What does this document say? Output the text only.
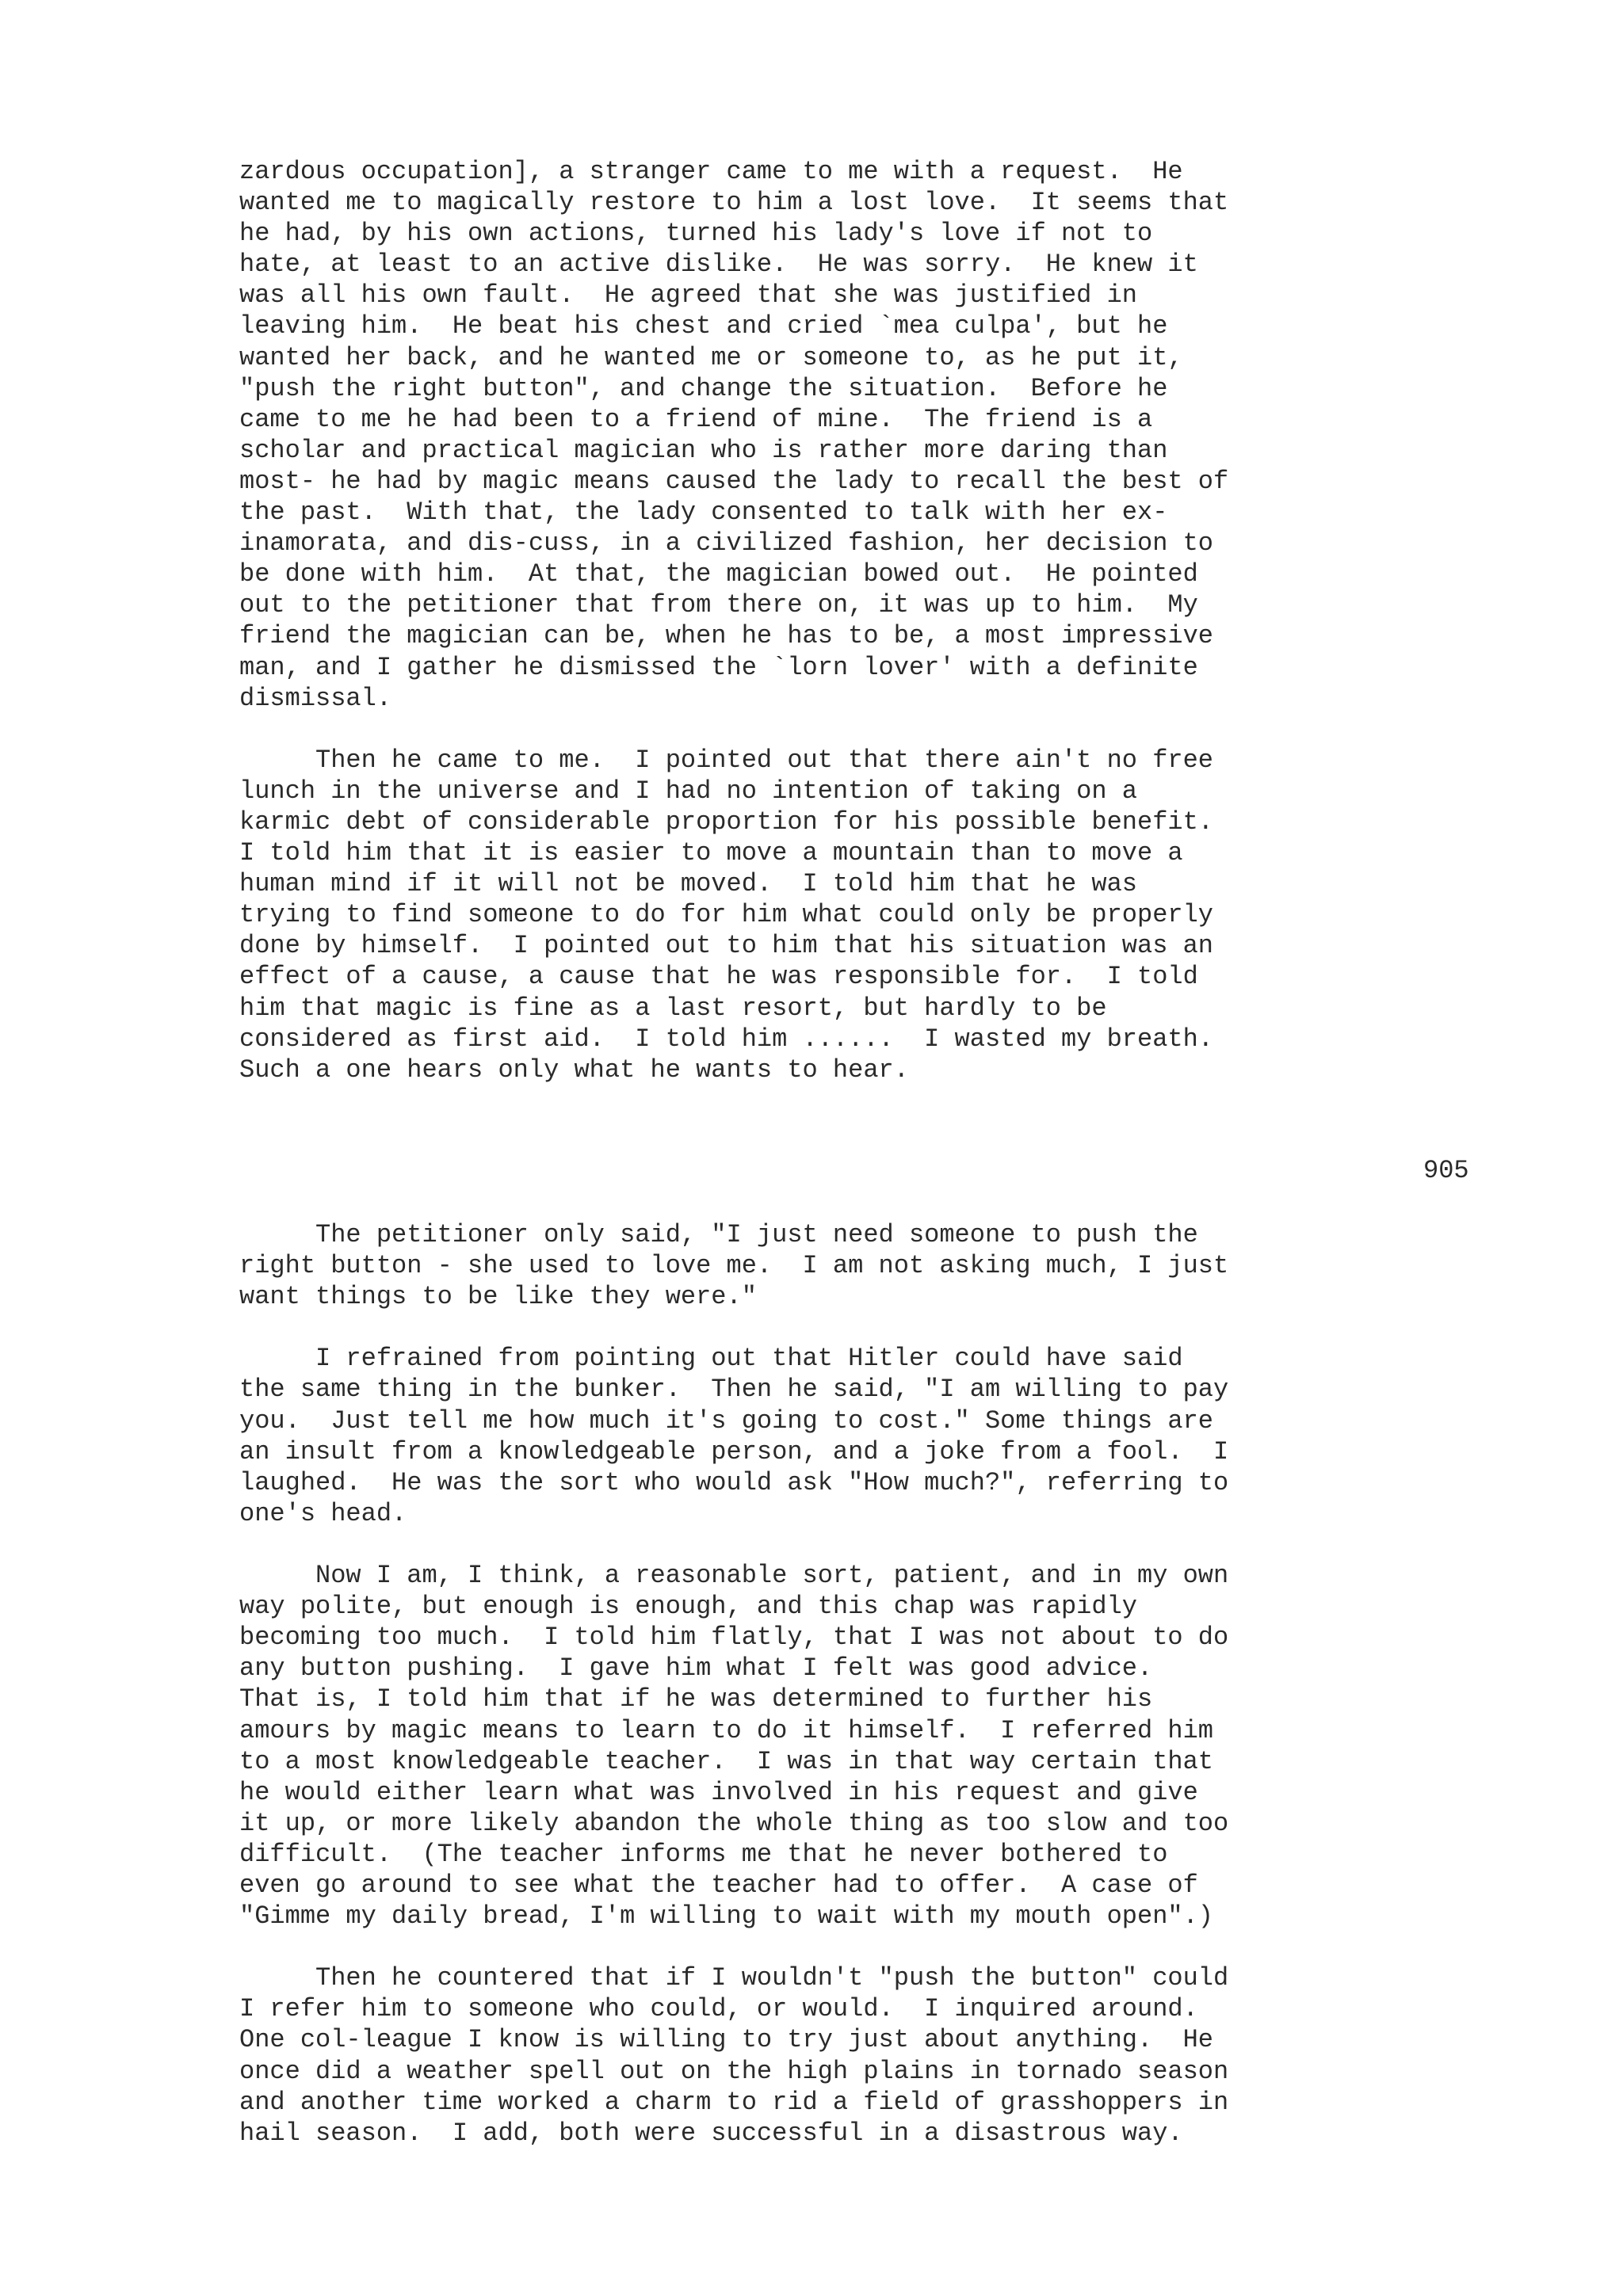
zardous occupation], a stranger came to me with a request.  He
wanted me to magically restore to him a lost love.  It seems that
he had, by his own actions, turned his lady's love if not to
hate, at least to an active dislike.  He was sorry.  He knew it
was all his own fault.  He agreed that she was justified in
leaving him.  He beat his chest and cried `mea culpa', but he
wanted her back, and he wanted me or someone to, as he put it,
"push the right button", and change the situation.  Before he
came to me he had been to a friend of mine.  The friend is a
scholar and practical magician who is rather more daring than
most- he had by magic means caused the lady to recall the best of
the past.  With that, the lady consented to talk with her ex-
inamorata, and dis-cuss, in a civilized fashion, her decision to
be done with him.  At that, the magician bowed out.  He pointed
out to the petitioner that from there on, it was up to him.  My
friend the magician can be, when he has to be, a most impressive
man, and I gather he dismissed the `lorn lover' with a definite
dismissal.

Then he came to me.  I pointed out that there ain't no free
lunch in the universe and I had no intention of taking on a
karmic debt of considerable proportion for his possible benefit.
I told him that it is easier to move a mountain than to move a
human mind if it will not be moved.  I told him that he was
trying to find someone to do for him what could only be properly
done by himself.  I pointed out to him that his situation was an
effect of a cause, a cause that he was responsible for.  I told
him that magic is fine as a last resort, but hardly to be
considered as first aid.  I told him ......  I wasted my breath.
Such a one hears only what he wants to hear.
905
The petitioner only said, "I just need someone to push the
right button - she used to love me.  I am not asking much, I just
want things to be like they were."

I refrained from pointing out that Hitler could have said
the same thing in the bunker.  Then he said, "I am willing to pay
you.  Just tell me how much it's going to cost." Some things are
an insult from a knowledgeable person, and a joke from a fool.  I
laughed.  He was the sort who would ask "How much?", referring to
one's head.

Now I am, I think, a reasonable sort, patient, and in my own
way polite, but enough is enough, and this chap was rapidly
becoming too much.  I told him flatly, that I was not about to do
any button pushing.  I gave him what I felt was good advice.
That is, I told him that if he was determined to further his
amours by magic means to learn to do it himself.  I referred him
to a most knowledgeable teacher.  I was in that way certain that
he would either learn what was involved in his request and give
it up, or more likely abandon the whole thing as too slow and too
difficult.  (The teacher informs me that he never bothered to
even go around to see what the teacher had to offer.  A case of
"Gimme my daily bread, I'm willing to wait with my mouth open".)

Then he countered that if I wouldn't "push the button" could
I refer him to someone who could, or would.  I inquired around.
One col-league I know is willing to try just about anything.  He
once did a weather spell out on the high plains in tornado season
and another time worked a charm to rid a field of grasshoppers in
hail season.  I add, both were successful in a disastrous way.
